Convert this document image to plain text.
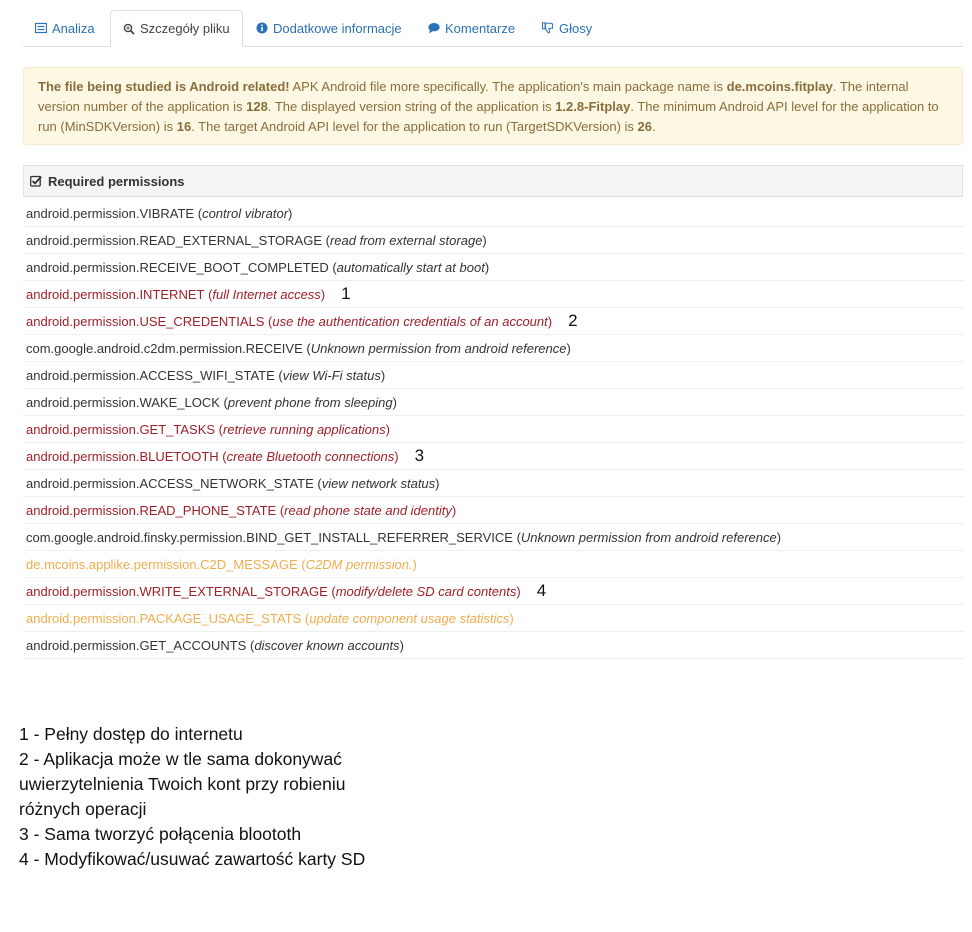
Analiza	Szczegóły pliku	Dodatkowe informacje	Komentarze	Głosy
The file being studied is Android related! APK Android file more specifically. The application's main package name is de.mcoins.fitplay. The internal version number of the application is 128. The displayed version string of the application is 1.2.8-Fitplay. The minimum Android API level for the application to run (MinSDKVersion) is 16. The target Android API level for the application to run (TargetSDKVersion) is 26.
Required permissions
android.permission.VIBRATE ( control vibrator )
android.permission.READ_EXTERNAL_STORAGE ( read from external storage )
android.permission.RECEIVE_BOOT_COMPLETED ( automatically start at boot )
android.permission.INTERNET ( full Internet access ) 1
android.permission.USE_CREDENTIALS ( use the authentication credentials of an account ) 2
com.google.android.c2dm.permission.RECEIVE ( Unknown permission from android reference )
android.permission.ACCESS_WIFI_STATE ( view Wi-Fi status )
android.permission.WAKE_LOCK ( prevent phone from sleeping )
android.permission.GET_TASKS ( retrieve running applications )
android.permission.BLUETOOTH ( create Bluetooth connections ) 3
android.permission.ACCESS_NETWORK_STATE ( view network status )
android.permission.READ_PHONE_STATE ( read phone state and identity )
com.google.android.finsky.permission.BIND_GET_INSTALL_REFERRER_SERVICE ( Unknown permission from android reference )
de.mcoins.applike.permission.C2D_MESSAGE ( C2DM permission. )
android.permission.WRITE_EXTERNAL_STORAGE ( modify/delete SD card contents ) 4
android.permission.PACKAGE_USAGE_STATS ( update component usage statistics )
android.permission.GET_ACCOUNTS ( discover known accounts )
1 - Pełny dostęp do internetu
2 - Aplikacja może w tle sama dokonywać
uwierzytelnienia Twoich kont przy robieniu
różnych operacji
3 - Sama tworzyć połącenia bloototh
4 - Modyfikować/usuwać zawartość karty SD
